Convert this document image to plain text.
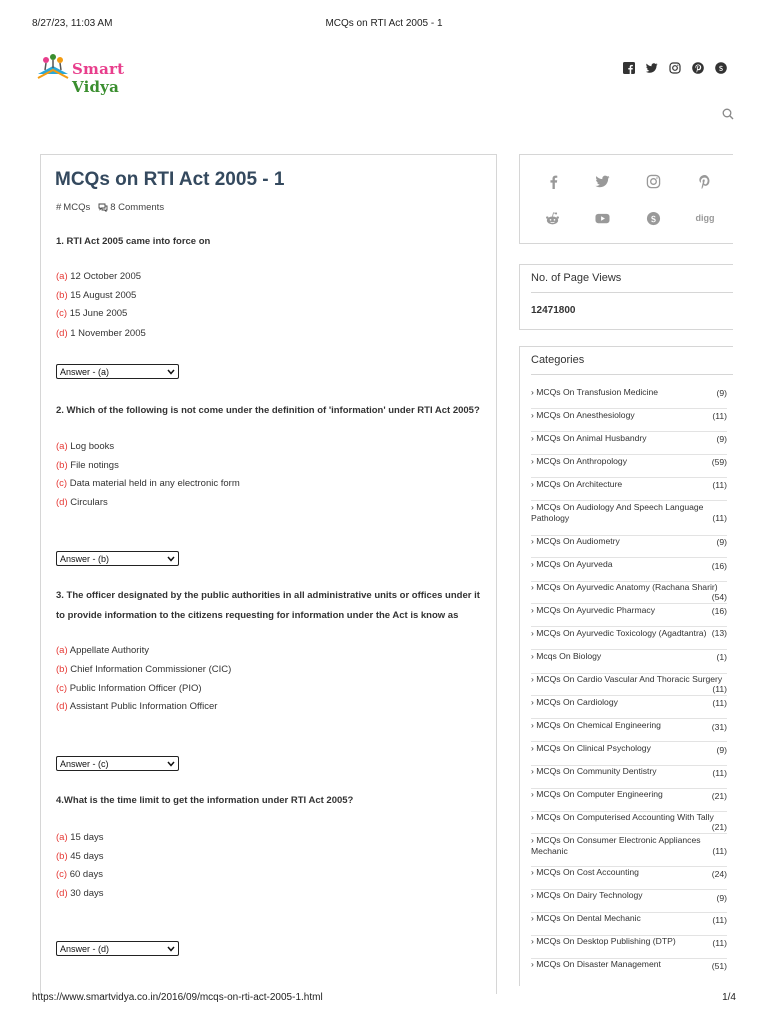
8/27/23, 11:03 AM	MCQs on RTI Act 2005 - 1
Smart Vidya
MCQs on RTI Act 2005 - 1
# MCQs 8 Comments
1. RTI Act 2005 came into force on
(a) 12 October 2005
(b) 15 August 2005
(c) 15 June 2005
(d) 1 November 2005
Answer - (a)
2. Which of the following is not come under the definition of 'information' under RTI Act 2005?
(a) Log books
(b) File notings
(c) Data material held in any electronic form
(d) Circulars
Answer - (b)
3. The officer designated by the public authorities in all administrative units or offices under it to provide information to the citizens requesting for information under the Act is know as
(a) Appellate Authority
(b) Chief Information Commissioner (CIC)
(c) Public Information Officer (PIO)
(d) Assistant Public Information Officer
Answer - (c)
4.What is the time limit to get the information under RTI Act 2005?
(a) 15 days
(b) 45 days
(c) 60 days
(d) 30 days
Answer - (d)
digg
No. of Page Views
12471800
Categories
› MCQs On Transfusion Medicine	(9)
› MCQs On Anesthesiology	(11)
› MCQs On Animal Husbandry	(9)
› MCQs On Anthropology	(59)
› MCQs On Architecture	(11)
› MCQs On Audiology And Speech Language Pathology	(11)
› MCQs On Audiometry	(9)
› MCQs On Ayurveda	(16)
› MCQs On Ayurvedic Anatomy (Rachana Sharir)
(54)
› MCQs On Ayurvedic Pharmacy	(16)
› MCQs On Ayurvedic Toxicology (Agadtantra) (13)
› Mcqs On Biology	(1)
› MCQs On Cardio Vascular And Thoracic Surgery
(11)
› MCQs On Cardiology	(11)
› MCQs On Chemical Engineering	(31)
› MCQs On Clinical Psychology	(9)
› MCQs On Community Dentistry	(11)
› MCQs On Computer Engineering	(21)
› MCQs On Computerised Accounting With Tally
(21)
› MCQs On Consumer Electronic Appliances Mechanic	(11)
› MCQs On Cost Accounting	(24)
› MCQs On Dairy Technology	(9)
› MCQs On Dental Mechanic	(11)
› MCQs On Desktop Publishing (DTP)	(11)
› MCQs On Disaster Management	(51)
https://www.smartvidya.co.in/2016/09/mcqs-on-rti-act-2005-1.html	1/4
